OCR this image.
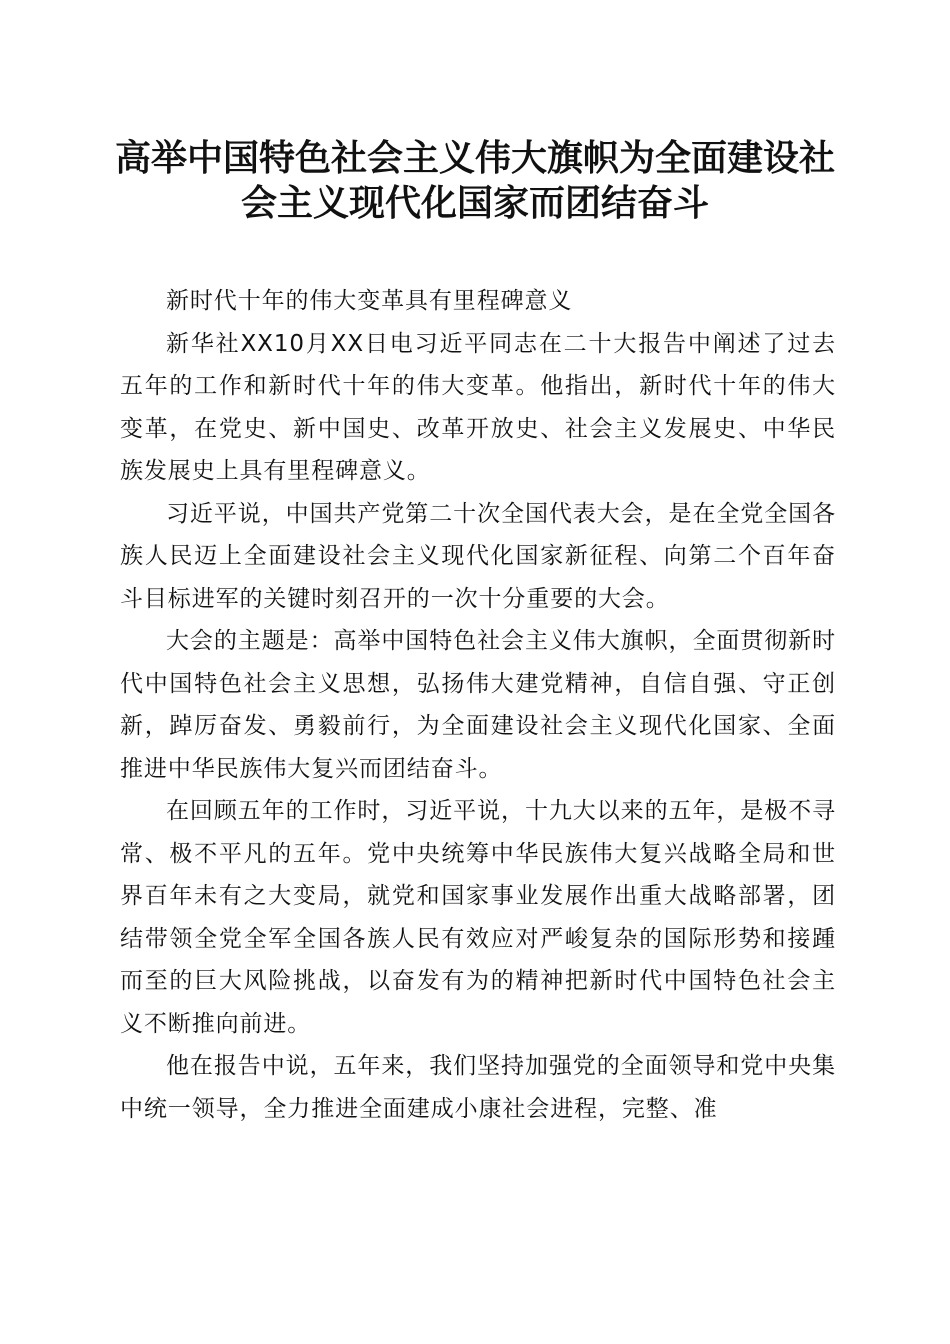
高举中国特色社会主义伟大旗帜为全面建设社
会主义现代化国家而团结奋斗

新时代十年的伟大变革具有里程碑意义

新华社XX10月XX日电习近平同志在二十大报告中阐述了过去五年的工作和新时代十年的伟大变革。他指出，新时代十年的伟大变革，在党史、新中国史、改革开放史、社会主义发展史、中华民族发展史上具有里程碑意义。

习近平说，中国共产党第二十次全国代表大会，是在全党全国各族人民迈上全面建设社会主义现代化国家新征程、向第二个百年奋斗目标进军的关键时刻召开的一次十分重要的大会。

大会的主题是：高举中国特色社会主义伟大旗帜，全面贯彻新时代中国特色社会主义思想，弘扬伟大建党精神，自信自强、守正创新，踔厉奋发、勇毅前行，为全面建设社会主义现代化国家、全面推进中华民族伟大复兴而团结奋斗。

在回顾五年的工作时，习近平说，十九大以来的五年，是极不寻常、极不平凡的五年。党中央统筹中华民族伟大复兴战略全局和世界百年未有之大变局，就党和国家事业发展作出重大战略部署，团结带领全党全军全国各族人民有效应对严峻复杂的国际形势和接踵而至的巨大风险挑战，以奋发有为的精神把新时代中国特色社会主义不断推向前进。

他在报告中说，五年来，我们坚持加强党的全面领导和党中央集中统一领导，全力推进全面建成小康社会进程，完整、准
